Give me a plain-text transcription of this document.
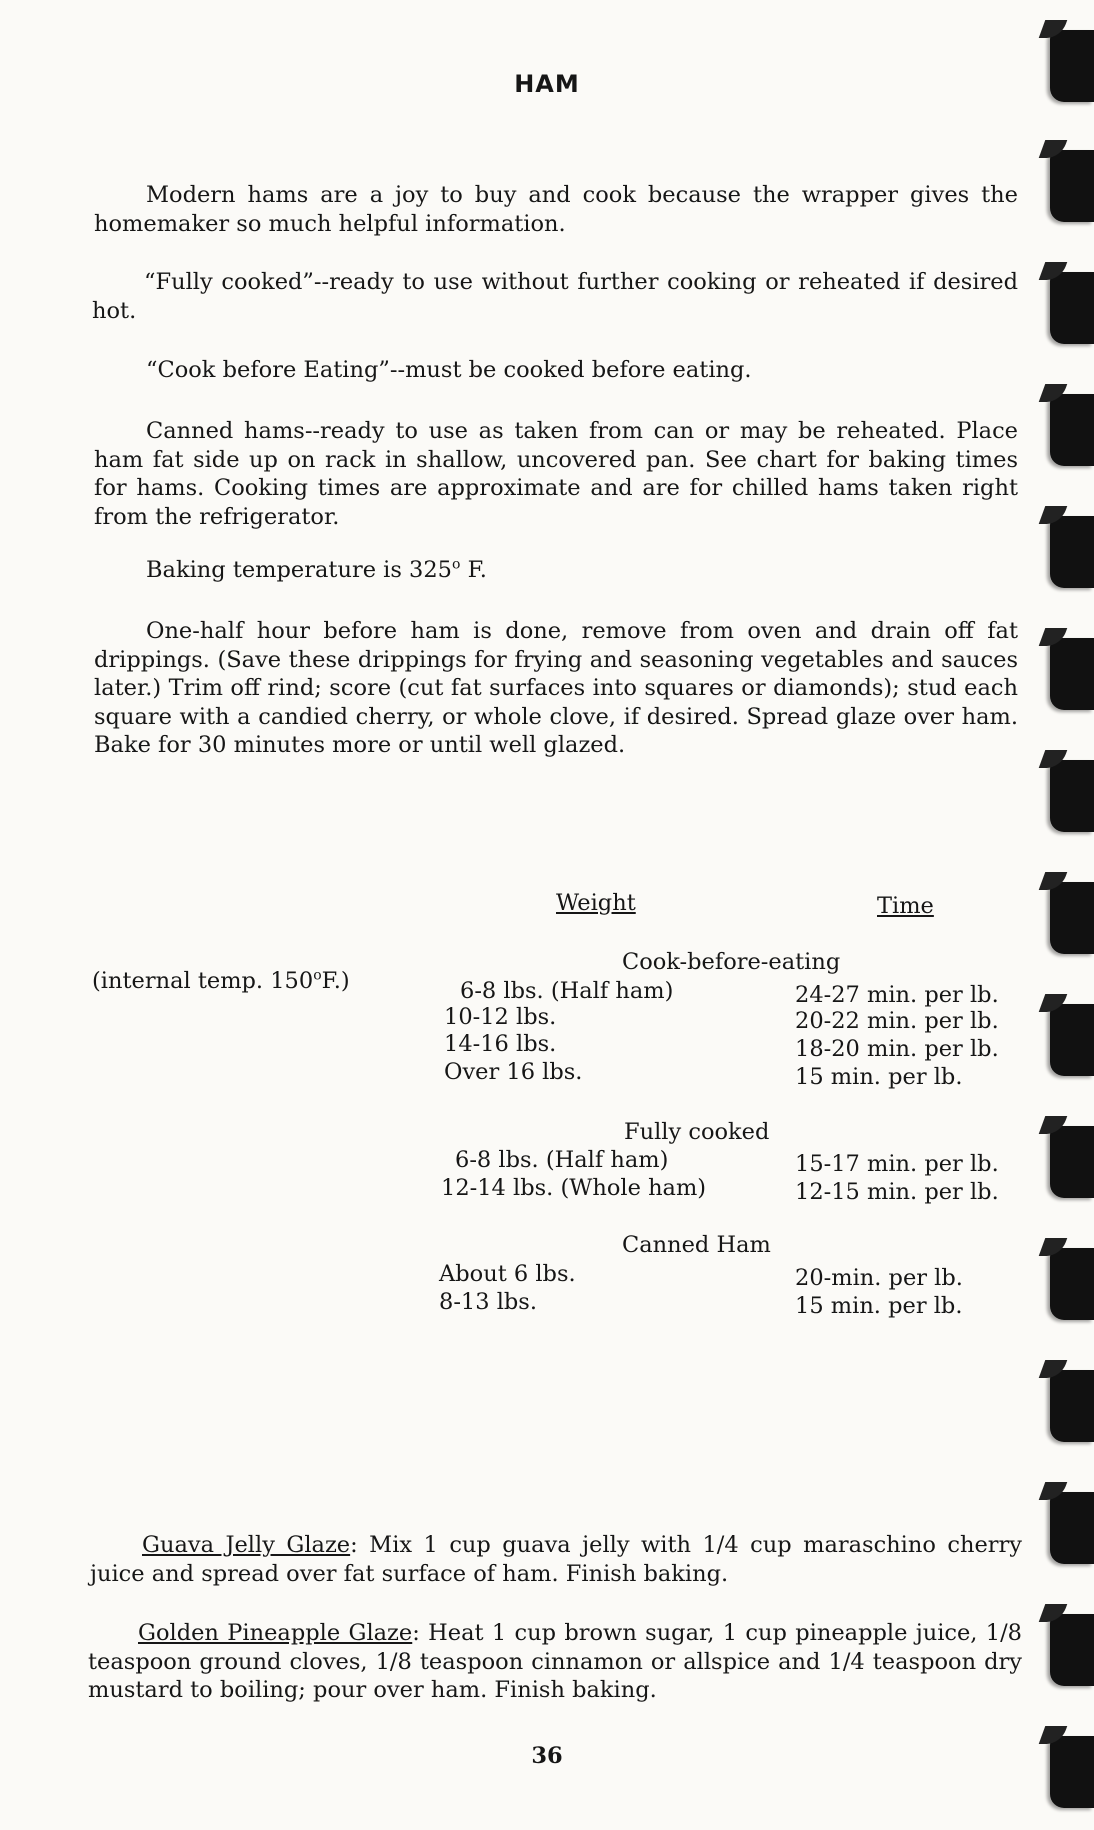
HAM

Modern hams are a joy to buy and cook because the wrapper gives the homemaker so much helpful information.

“Fully cooked”--ready to use without further cooking or reheated if desired hot.

“Cook before Eating”--must be cooked before eating.

Canned hams--ready to use as taken from can or may be reheated. Place ham fat side up on rack in shallow, uncovered pan. See chart for baking times for hams. Cooking times are approximate and are for chilled hams taken right from the refrigerator.

Baking temperature is 325$^o$ F.

One-half hour before ham is done, remove from oven and drain off fat drippings. (Save these drippings for frying and seasoning vegetables and sauces later.) Trim off rind; score (cut fat surfaces into squares or diamonds); stud each square with a candied cherry, or whole clove, if desired. Spread glaze over ham. Bake for 30 minutes more or until well glazed.

Weight	Time
(internal temp. 150$^o$F.)
Cook-before-eating
6-8 lbs. (Half ham)	24-27 min. per lb.
10-12 lbs.	20-22 min. per lb.
14-16 lbs.	18-20 min. per lb.
Over 16 lbs.	15 min. per lb.
Fully cooked
6-8 lbs. (Half ham)	15-17 min. per lb.
12-14 lbs. (Whole ham)	12-15 min. per lb.
Canned Ham
About 6 lbs.	20-min. per lb.
8-13 lbs.	15 min. per lb.

Guava Jelly Glaze: Mix 1 cup guava jelly with 1/4 cup maraschino cherry juice and spread over fat surface of ham. Finish baking.

Golden Pineapple Glaze: Heat 1 cup brown sugar, 1 cup pineapple juice, 1/8 teaspoon ground cloves, 1/8 teaspoon cinnamon or allspice and 1/4 teaspoon dry mustard to boiling; pour over ham. Finish baking.

36
